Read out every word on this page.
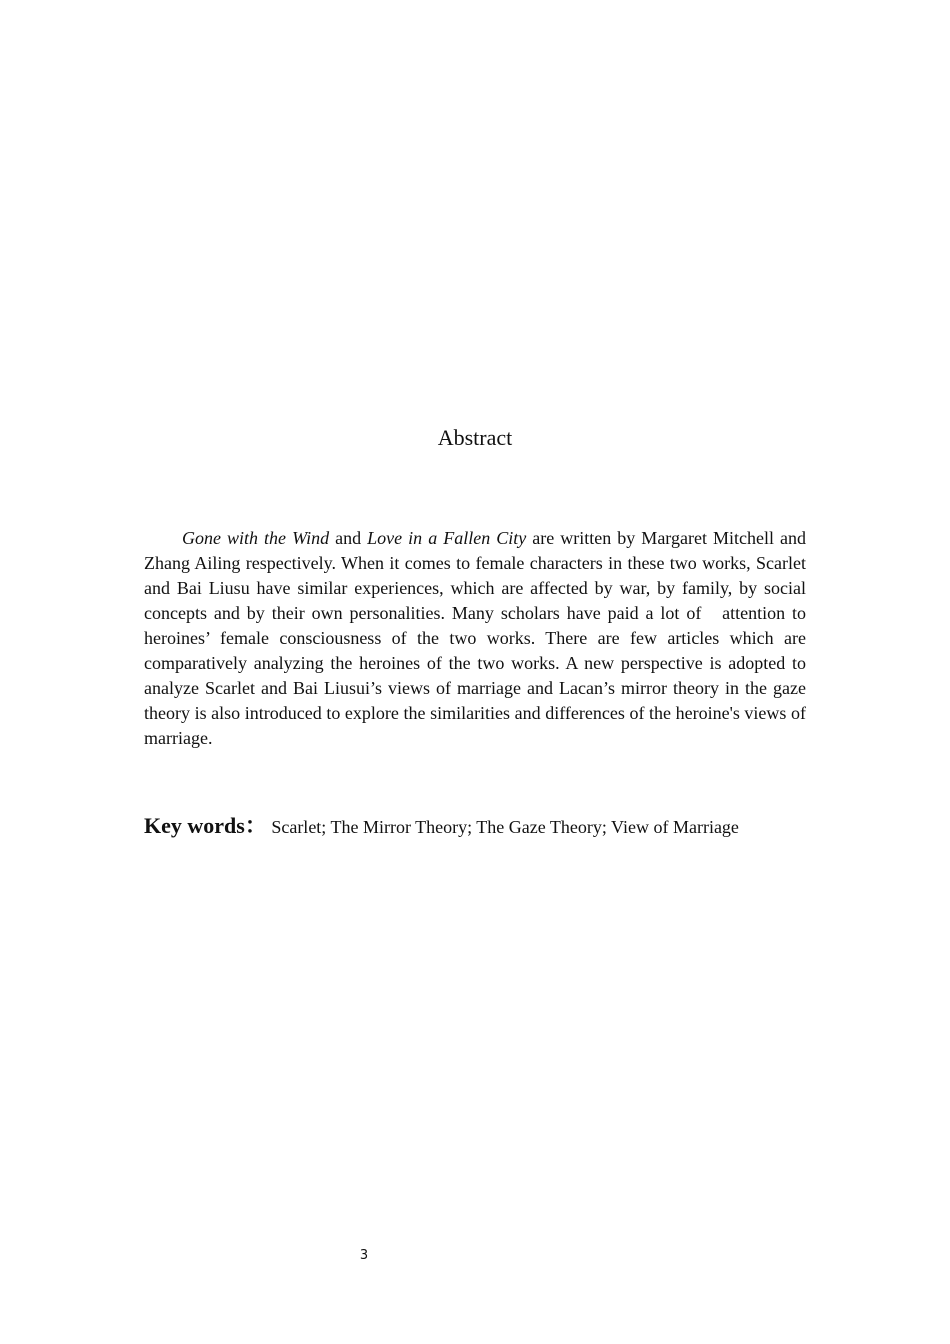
Abstract

Gone with the Wind and Love in a Fallen City are written by Margaret Mitchell and Zhang Ailing respectively. When it comes to female characters in these two works, Scarlet and Bai Liusu have similar experiences, which are affected by war, by family, by social concepts and by their own personalities. Many scholars have paid a lot of   attention to heroines’ female consciousness of the two works. There are few articles which are comparatively analyzing the heroines of the two works. A new perspective is adopted to analyze Scarlet and Bai Liusui’s views of marriage and Lacan’s mirror theory in the gaze theory is also introduced to explore the similarities and differences of the heroine's views of marriage.

Key words： Scarlet; The Mirror Theory; The Gaze Theory; View of Marriage

3
